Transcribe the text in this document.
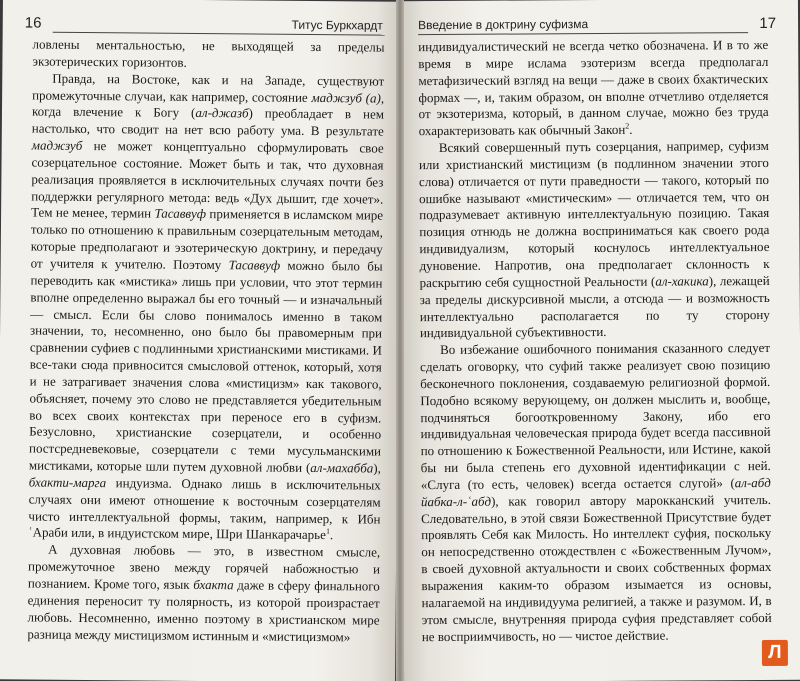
16	Титус Буркхардт

ловлены ментальностью, не выходящей за пределы экзотерических горизонтов.

Правда, на Востоке, как и на Западе, существуют промежуточные случаи, как например, состояние маджзуб (а), когда влечение к Богу (ал-джазб) преобладает в нем настолько, что сводит на нет всю работу ума. В результате маджзуб не может концептуально сформулировать свое созерцательное состояние. Может быть и так, что духовная реализация проявляется в исключительных случаях почти без поддержки регулярного метода: ведь «Дух дышит, где хочет». Тем не менее, термин Тасаввуф применяется в исламском мире только по отношению к правильным созерцательным методам, которые предполагают и эзотерическую доктрину, и передачу от учителя к учителю. Поэтому Тасаввуф можно было бы переводить как «мистика» лишь при условии, что этот термин вполне определенно выражал бы его точный — и изначальный — смысл. Если бы слово понималось именно в таком значении, то, несомненно, оно было бы правомерным при сравнении суфиев с подлинными христианскими мистиками. И все-таки сюда привносится смысловой оттенок, который, хотя и не затрагивает значения слова «мистицизм» как такового, объясняет, почему это слово не представляется убедительным во всех своих контекстах при переносе его в суфизм. Безусловно, христианские созерцатели, и особенно постсредневековые, созерцатели с теми мусульманскими мистиками, которые шли путем духовной любви (ал-махабба), бхакти-марга индуизма. Однако лишь в исключительных случаях они имеют отношение к восточным созерцателям чисто интеллектуальной формы, таким, например, к Ибн ʿАраби или, в индуистском мире, Шри Шанкарачарье$^1$.

А духовная любовь — это, в известном смысле, промежуточное звено между горячей набожностью и познанием. Кроме того, язык бхакта даже в сферу финального единения переносит ту полярность, из которой произрастает любовь. Несомненно, именно поэтому в христианском мире разница между мистицизмом истинным и «мистицизмом»

Введение в доктрину суфизма	17

индивидуалистический не всегда четко обозначена. И в то же время в мире ислама эзотеризм всегда предполагал метафизический взгляд на вещи — даже в своих бхактических формах —, и, таким образом, он вполне отчетливо отделяется от экзотеризма, который, в данном случае, можно без труда охарактеризовать как обычный Закон$^2$.

Всякий совершенный путь созерцания, например, суфизм или христианский мистицизм (в подлинном значении этого слова) отличается от пути праведности — такого, который по ошибке называют «мистическим» — отличается тем, что он подразумевает активную интеллектуальную позицию. Такая позиция отнюдь не должна восприниматься как своего рода индивидуализм, который коснулось интеллектуальное дуновение. Напротив, она предполагает склонность к раскрытию себя сущностной Реальности (ал-хакика), лежащей за пределы дискурсивной мысли, а отсюда — и возможность интеллектуально располагается по ту сторону индивидуальной субъективности.

Во избежание ошибочного понимания сказанного следует сделать оговорку, что суфий также реализует свою позицию бесконечного поклонения, создаваемую религиозной формой. Подобно всякому верующему, он должен мыслить и, вообще, подчиняться богооткровенному Закону, ибо его индивидуальная человеческая природа будет всегда пассивной по отношению к Божественной Реальности, или Истине, какой бы ни была степень его духовной идентификации с ней. «Слуга (то есть, человек) всегда остается слугой» (ал-абд йабка-л-ʿабд), как говорил автору марокканский учитель. Следовательно, в этой связи Божественной Присутствие будет проявлять Себя как Милость. Но интеллект суфия, поскольку он непосредственно отождествлен с «Божественным Лучом», в своей духовной актуальности и своих собственных формах выражения каким-то образом изымается из основы, налагаемой на индивидуума религией, а также и разумом. И, в этом смысле, внутренняя природа суфия представляет собой не восприимчивость, но — чистое действие.

Л
